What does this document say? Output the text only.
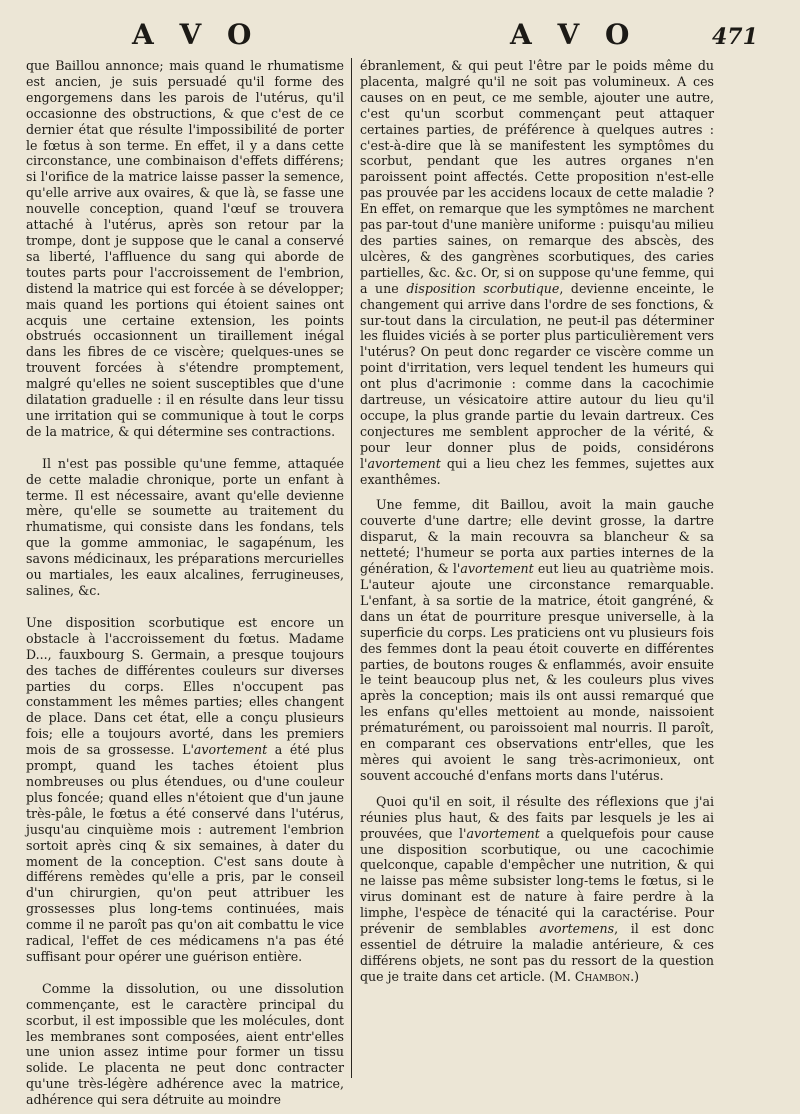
A V O	A V O	471

que Baillou annonce; mais quand le rhumatisme est ancien, je suis persuadé qu'il forme des engorgemens dans les parois de l'utérus, qu'il occasionne des obstructions, & que c'est de ce dernier état que résulte l'impossibilité de porter le fœtus à son terme. En effet, il y a dans cette circonstance, une combinaison d'effets différens; si l'orifice de la matrice laisse passer la semence, qu'elle arrive aux ovaires, & que là, se fasse une nouvelle conception, quand l'œuf se trouvera attaché à l'utérus, après son retour par la trompe, dont je suppose que le canal a conservé sa liberté, l'affluence du sang qui aborde de toutes parts pour l'accroissement de l'embrion, distend la matrice qui est forcée à se développer; mais quand les portions qui étoient saines ont acquis une certaine extension, les points obstrués occasionnent un tiraillement inégal dans les fibres de ce viscère; quelques-unes se trouvent forcées à s'étendre promptement, malgré qu'elles ne soient susceptibles que d'une dilatation graduelle : il en résulte dans leur tissu une irritation qui se communique à tout le corps de la matrice, & qui détermine ses contractions.

Il n'est pas possible qu'une femme, attaquée de cette maladie chronique, porte un enfant à terme. Il est nécessaire, avant qu'elle devienne mère, qu'elle se soumette au traitement du rhumatisme, qui consiste dans les fondans, tels que la gomme ammoniac, le sagapénum, les savons médicinaux, les préparations mercurielles ou martiales, les eaux alcalines, ferrugineuses, salines, &c.

Une disposition scorbutique est encore un obstacle à l'accroissement du fœtus. Madame D..., fauxbourg S. Germain, a presque toujours des taches de différentes couleurs sur diverses parties du corps. Elles n'occupent pas constamment les mêmes parties; elles changent de place. Dans cet état, elle a conçu plusieurs fois; elle a toujours avorté, dans les premiers mois de sa grossesse. L'avortement a été plus prompt, quand les taches étoient plus nombreuses ou plus étendues, ou d'une couleur plus foncée; quand elles n'étoient que d'un jaune très-pâle, le fœtus a été conservé dans l'utérus, jusqu'au cinquième mois : autrement l'embrion sortoit après cinq & six semaines, à dater du moment de la conception. C'est sans doute à différens remèdes qu'elle a pris, par le conseil d'un chirurgien, qu'on peut attribuer les grossesses plus long-tems continuées, mais comme il ne paroît pas qu'on ait combattu le vice radical, l'effet de ces médicamens n'a pas été suffisant pour opérer une guérison entière.

Comme la dissolution, ou une dissolution commençante, est le caractère principal du scorbut, il est impossible que les molécules, dont les membranes sont composées, aient entr'elles une union assez intime pour former un tissu solide. Le placenta ne peut donc contracter qu'une très-légère adhérence avec la matrice, adhérence qui sera détruite au moindre

ébranlement, & qui peut l'être par le poids même du placenta, malgré qu'il ne soit pas volumineux. A ces causes on en peut, ce me semble, ajouter une autre, c'est qu'un scorbut commençant peut attaquer certaines parties, de préférence à quelques autres : c'est-à-dire que là se manifestent les symptômes du scorbut, pendant que les autres organes n'en paroissent point affectés. Cette proposition n'est-elle pas prouvée par les accidens locaux de cette maladie ? En effet, on remarque que les symptômes ne marchent pas par-tout d'une manière uniforme : puisqu'au milieu des parties saines, on remarque des abscès, des ulcères, & des gangrènes scorbutiques, des caries partielles, &c. &c. Or, si on suppose qu'une femme, qui a une disposition scorbutique, devienne enceinte, le changement qui arrive dans l'ordre de ses fonctions, & sur-tout dans la circulation, ne peut-il pas déterminer les fluides viciés à se porter plus particulièrement vers l'utérus? On peut donc regarder ce viscère comme un point d'irritation, vers lequel tendent les humeurs qui ont plus d'acrimonie : comme dans la cacochimie dartreuse, un vésicatoire attire autour du lieu qu'il occupe, la plus grande partie du levain dartreux. Ces conjectures me semblent approcher de la vérité, & pour leur donner plus de poids, considérons l'avortement qui a lieu chez les femmes, sujettes aux exanthêmes.

Une femme, dit Baillou, avoit la main gauche couverte d'une dartre; elle devint grosse, la dartre disparut, & la main recouvra sa blancheur & sa netteté; l'humeur se porta aux parties internes de la génération, & l'avortement eut lieu au quatrième mois. L'auteur ajoute une circonstance remarquable. L'enfant, à sa sortie de la matrice, étoit gangréné, & dans un état de pourriture presque universelle, à la superficie du corps. Les praticiens ont vu plusieurs fois des femmes dont la peau étoit couverte en différentes parties, de boutons rouges & enflammés, avoir ensuite le teint beaucoup plus net, & les couleurs plus vives après la conception; mais ils ont aussi remarqué que les enfans qu'elles mettoient au monde, naissoient prématurément, ou paroissoient mal nourris. Il paroît, en comparant ces observations entr'elles, que les mères qui avoient le sang très-acrimonieux, ont souvent accouché d'enfans morts dans l'utérus.

Quoi qu'il en soit, il résulte des réflexions que j'ai réunies plus haut, & des faits par lesquels je les ai prouvées, que l'avortement a quelquefois pour cause une disposition scorbutique, ou une cacochimie quelconque, capable d'empêcher une nutrition, & qui ne laisse pas même subsister long-tems le fœtus, si le virus dominant est de nature à faire perdre à la limphe, l'espèce de ténacité qui la caractérise. Pour prévenir de semblables avortemens, il est donc essentiel de détruire la maladie antérieure, & ces différens objets, ne sont pas du ressort de la question que je traite dans cet article. (M. Chambon.)
